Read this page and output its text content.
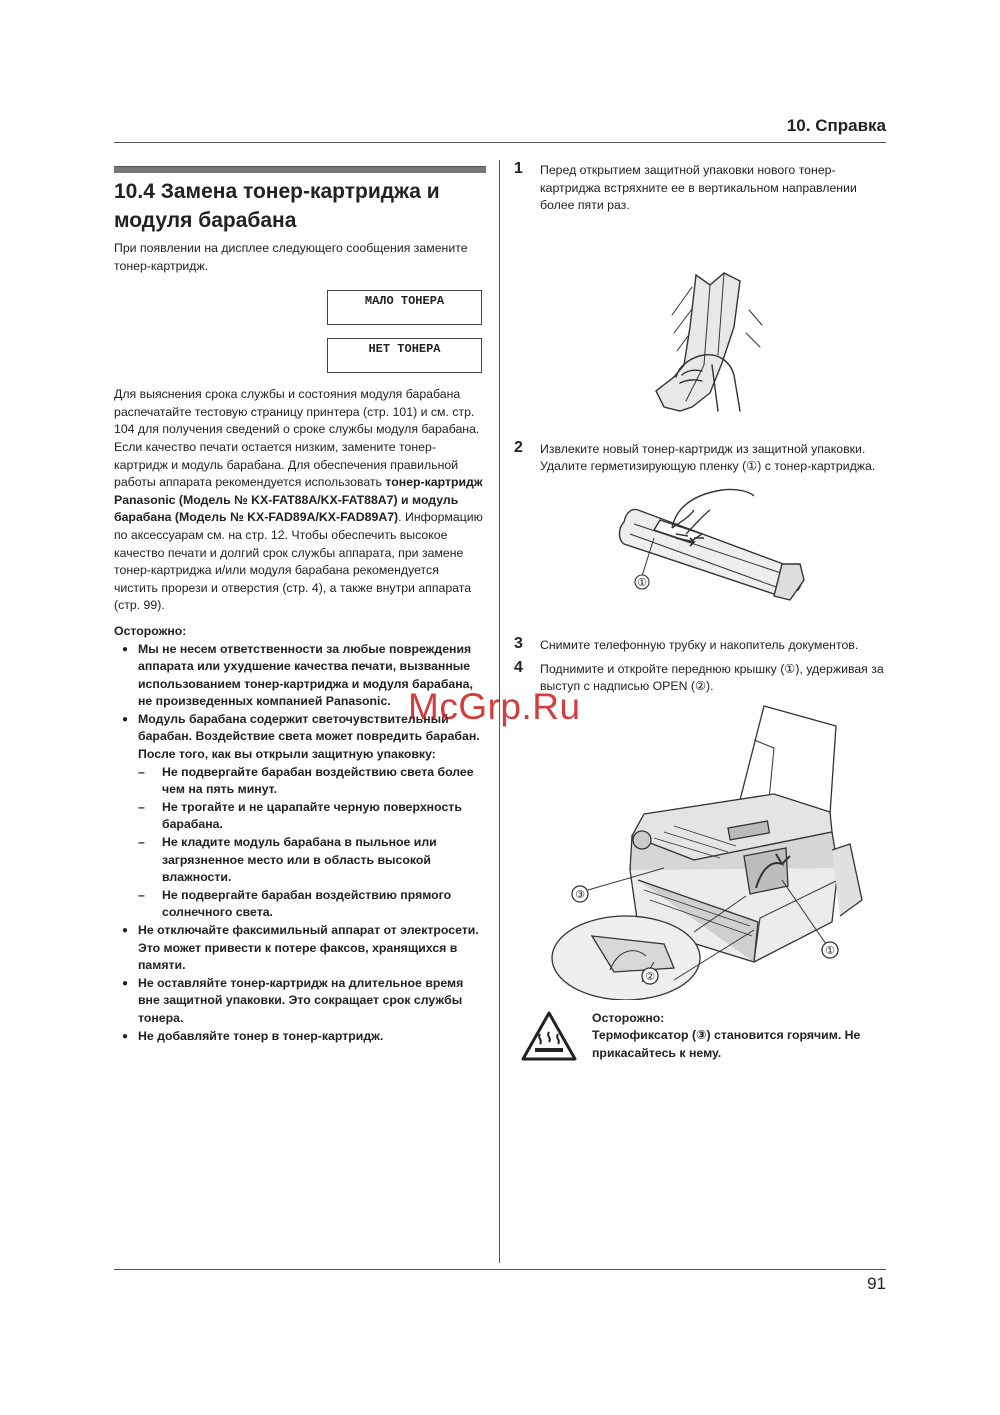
10. Справка
10.4 Замена тонер-картриджа и модуля барабана

При появлении на дисплее следующего сообщения замените тонер-картридж.

МАЛО ТОНЕРА
НЕТ ТОНЕРА

Для выяснения срока службы и состояния модуля барабана распечатайте тестовую страницу принтера (стр. 101) и см. стр. 104 для получения сведений о сроке службы модуля барабана. Если качество печати остается низким, замените тонер-картридж и модуль барабана. Для обеспечения правильной работы аппарата рекомендуется использовать тонер-картридж Panasonic (Модель № KX-FAT88A/KX-FAT88A7) и модуль барабана (Модель № KX-FAD89A/KX-FAD89A7). Информацию по аксессуарам см. на стр. 12. Чтобы обеспечить высокое качество печати и долгий срок службы аппарата, при замене тонер-картриджа и/или модуля барабана рекомендуется чистить прорези и отверстия (стр. 4), а также внутри аппарата (стр. 99).

Осторожно:
● Мы не несем ответственности за любые повреждения аппарата или ухудшение качества печати, вызванные использованием тонер-картриджа и модуля барабана, не произведенных компанией Panasonic.
● Модуль барабана содержит светочувствительный барабан. Воздействие света может повредить барабан.
После того, как вы открыли защитную упаковку:
– Не подвергайте барабан воздействию света более чем на пять минут.
– Не трогайте и не царапайте черную поверхность барабана.
– Не кладите модуль барабана в пыльное или загрязненное место или в область высокой влажности.
– Не подвергайте барабан воздействию прямого солнечного света.
● Не отключайте факсимильный аппарат от электросети. Это может привести к потере факсов, хранящихся в памяти.
● Не оставляйте тонер-картридж на длительное время вне защитной упаковки. Это сокращает срок службы тонера.
● Не добавляйте тонер в тонер-картридж.
1 Перед открытием защитной упаковки нового тонер-картриджа встряхните ее в вертикальном направлении более пяти раз.
2 Извлеките новый тонер-картридж из защитной упаковки. Удалите герметизирующую пленку (①) с тонер-картриджа.
①
3 Снимите телефонную трубку и накопитель документов.
4 Поднимите и откройте переднюю крышку (①), удерживая за выступ с надписью OPEN (②).
③
②
①
Осторожно:
Термофиксатор (③) становится горячим. Не прикасайтесь к нему.
McGrp.Ru
91
